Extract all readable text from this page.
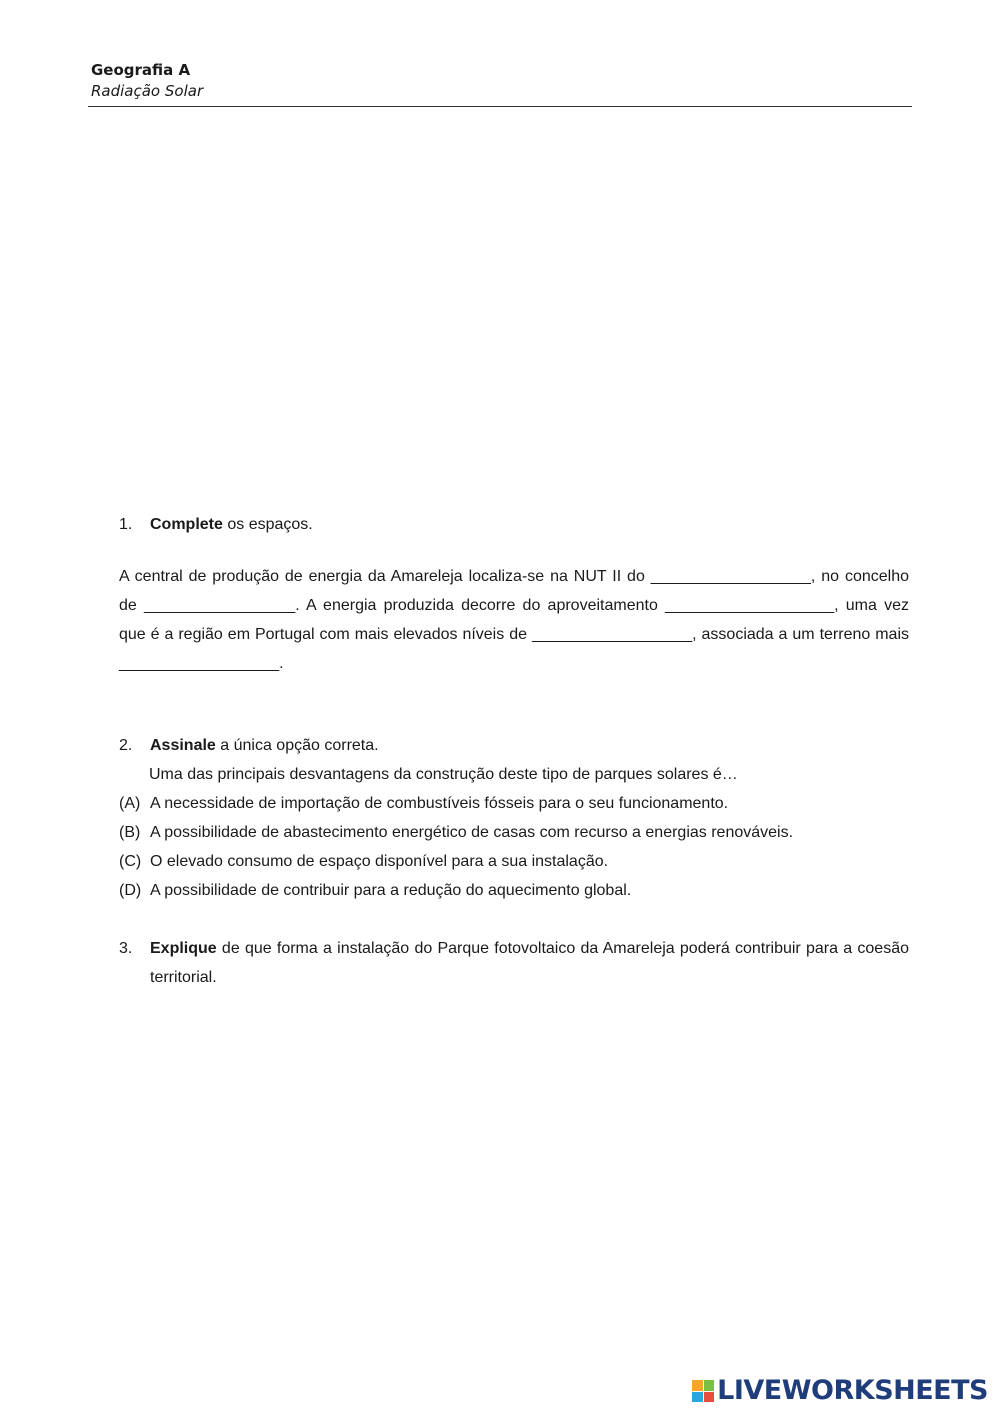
Geografia A
Radiação Solar
1. Complete os espaços.
A central de produção de energia da Amareleja localiza-se na NUT II do __________________, no concelho de _________________. A energia produzida decorre do aproveitamento ___________________, uma vez que é a região em Portugal com mais elevados níveis de __________________, associada a um terreno mais __________________.
2. Assinale a única opção correta.
Uma das principais desvantagens da construção deste tipo de parques solares é…
(A) A necessidade de importação de combustíveis fósseis para o seu funcionamento.
(B) A possibilidade de abastecimento energético de casas com recurso a energias renováveis.
(C) O elevado consumo de espaço disponível para a sua instalação.
(D) A possibilidade de contribuir para a redução do aquecimento global.
3.	Explique de que forma a instalação do Parque fotovoltaico da Amareleja poderá contribuir para a coesão territorial.
LIVEWORKSHEETS
